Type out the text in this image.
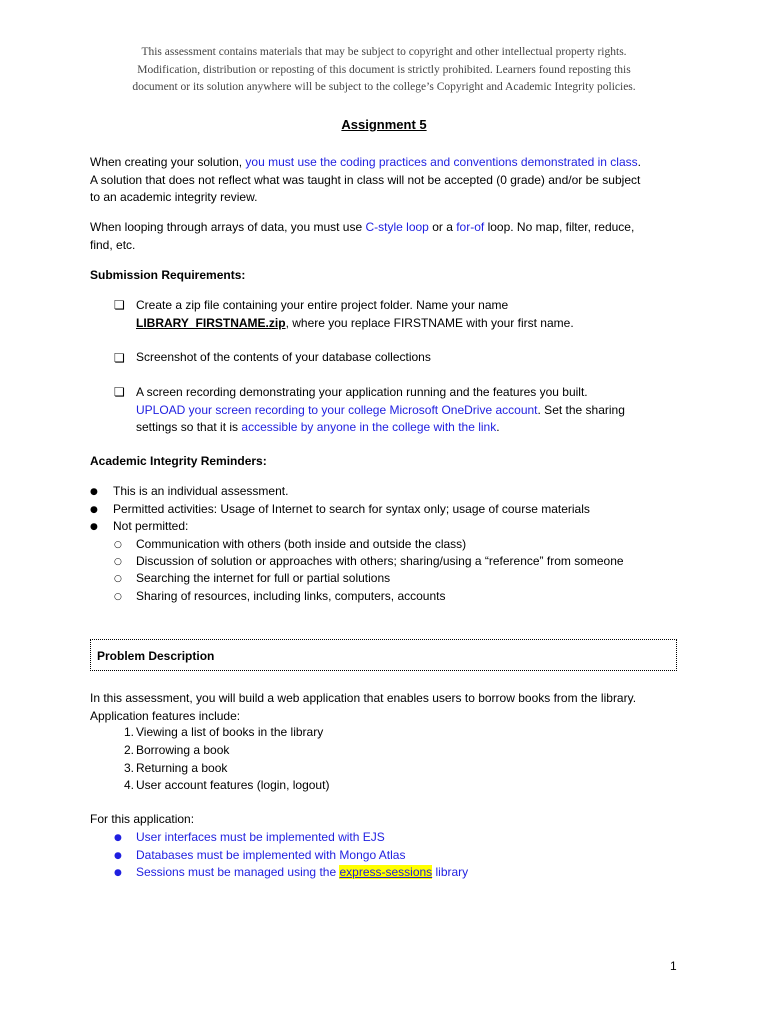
This assessment contains materials that may be subject to copyright and other intellectual property rights.
Modification, distribution or reposting of this document is strictly prohibited. Learners found reposting this
document or its solution anywhere will be subject to the college’s Copyright and Academic Integrity policies.
Assignment 5
When creating your solution, you must use the coding practices and conventions demonstrated in class.
A solution that does not reflect what was taught in class will not be accepted (0 grade) and/or be subject
to an academic integrity review.
When looping through arrays of data, you must use C-style loop or a for-of loop. No map, filter, reduce,
find, etc.
Submission Requirements:
❏ Create a zip file containing your entire project folder. Name your name
LIBRARY_FIRSTNAME.zip, where you replace FIRSTNAME with your first name.
❏ Screenshot of the contents of your database collections
❏ A screen recording demonstrating your application running and the features you built.
UPLOAD your screen recording to your college Microsoft OneDrive account. Set the sharing
settings so that it is accessible by anyone in the college with the link.
Academic Integrity Reminders:
● This is an individual assessment.
● Permitted activities: Usage of Internet to search for syntax only; usage of course materials
● Not permitted:
○ Communication with others (both inside and outside the class)
○ Discussion of solution or approaches with others; sharing/using a “reference” from someone
○ Searching the internet for full or partial solutions
○ Sharing of resources, including links, computers, accounts
Problem Description
In this assessment, you will build a web application that enables users to borrow books from the library.
Application features include:
1. Viewing a list of books in the library
2. Borrowing a book
3. Returning a book
4. User account features (login, logout)
For this application:
● User interfaces must be implemented with EJS
● Databases must be implemented with Mongo Atlas
● Sessions must be managed using the express-sessions library
1
